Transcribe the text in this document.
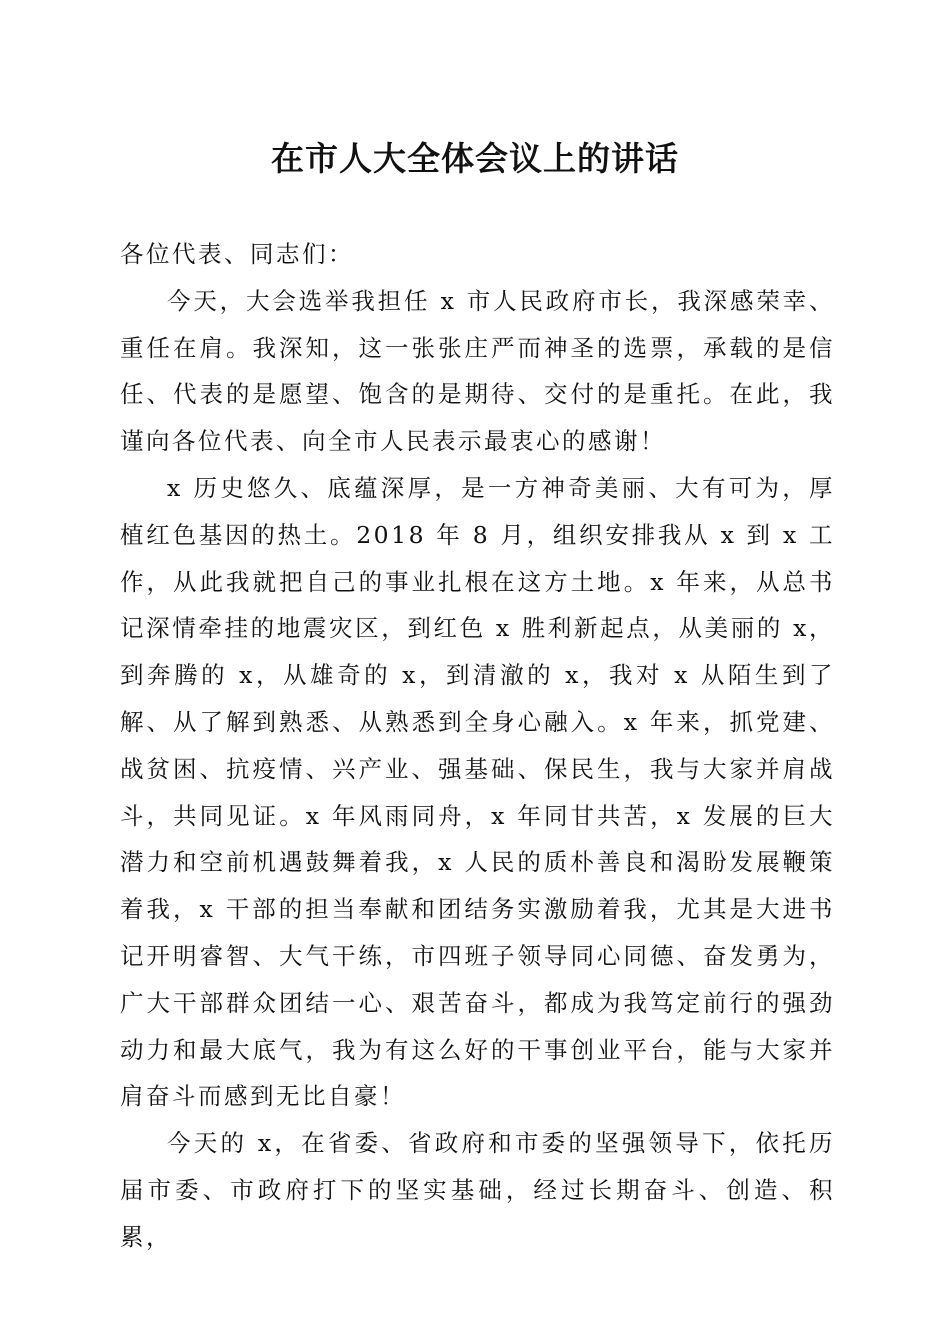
在市人大全体会议上的讲话

各位代表、同志们：

今天，大会选举我担任 x 市人民政府市长，我深感荣幸、重任在肩。我深知，这一张张庄严而神圣的选票，承载的是信任、代表的是愿望、饱含的是期待、交付的是重托。在此，我谨向各位代表、向全市人民表示最衷心的感谢！

x 历史悠久、底蕴深厚，是一方神奇美丽、大有可为，厚植红色基因的热土。2018 年 8 月，组织安排我从 x 到 x 工作，从此我就把自己的事业扎根在这方土地。x 年来，从总书记深情牵挂的地震灾区，到红色 x 胜利新起点，从美丽的 x，到奔腾的 x，从雄奇的 x，到清澈的 x，我对 x 从陌生到了解、从了解到熟悉、从熟悉到全身心融入。x 年来，抓党建、战贫困、抗疫情、兴产业、强基础、保民生，我与大家并肩战斗，共同见证。x 年风雨同舟，x 年同甘共苦，x 发展的巨大潜力和空前机遇鼓舞着我，x 人民的质朴善良和渴盼发展鞭策着我，x 干部的担当奉献和团结务实激励着我，尤其是大进书记开明睿智、大气干练，市四班子领导同心同德、奋发勇为，广大干部群众团结一心、艰苦奋斗，都成为我笃定前行的强劲动力和最大底气，我为有这么好的干事创业平台，能与大家并肩奋斗而感到无比自豪！

今天的 x，在省委、省政府和市委的坚强领导下，依托历届市委、市政府打下的坚实基础，经过长期奋斗、创造、积累，
